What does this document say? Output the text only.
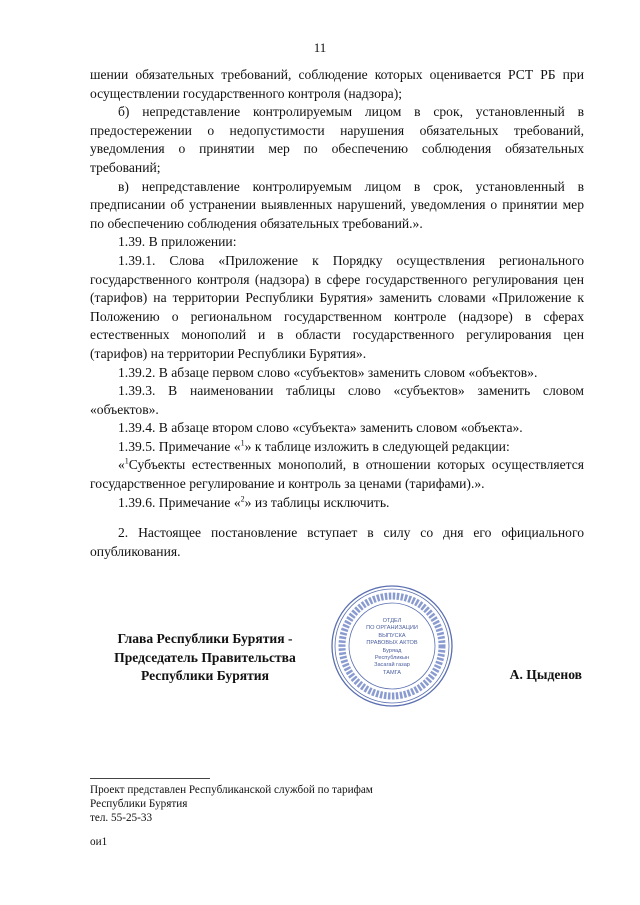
11

шении обязательных требований, соблюдение которых оценивается РСТ РБ при осуществлении государственного контроля (надзора);

б) непредставление контролируемым лицом в срок, установленный в предостережении о недопустимости нарушения обязательных требований, уведомления о принятии мер по обеспечению соблюдения обязательных требований;

в) непредставление контролируемым лицом в срок, установленный в предписании об устранении выявленных нарушений, уведомления о принятии мер по обеспечению соблюдения обязательных требований.».

1.39. В приложении:

1.39.1. Слова «Приложение к Порядку осуществления регионального государственного контроля (надзора) в сфере государственного регулирования цен (тарифов) на территории Республики Бурятия» заменить словами «Приложение к Положению о региональном государственном контроле (надзоре) в сферах естественных монополий и в области государственного регулирования цен (тарифов) на территории Республики Бурятия».

1.39.2. В абзаце первом слово «субъектов» заменить словом «объектов».

1.39.3. В наименовании таблицы слово «субъектов» заменить словом «объектов».

1.39.4. В абзаце втором слово «субъекта» заменить словом «объекта».

1.39.5. Примечание «$^1$» к таблице изложить в следующей редакции:

«$^1$Субъекты естественных монополий, в отношении которых осуществляется государственное регулирование и контроль за ценами (тарифами).».

1.39.6. Примечание «$^2$» из таблицы исключить.

2. Настоящее постановление вступает в силу со дня его официального опубликования.

ОТДЕЛ
ПО ОРГАНИЗАЦИИ
ВЫПУСКА
ПРАВОВЫХ АКТОВ
Буряад
Республикын
Засагай газар
ТАМГА
Глава Республики Бурятия -
Председатель Правительства
Республики Бурятия	А. Цыденов
Проект представлен Республиканской службой по тарифам
Республики Бурятия
тел. 55-25-33
ои1
